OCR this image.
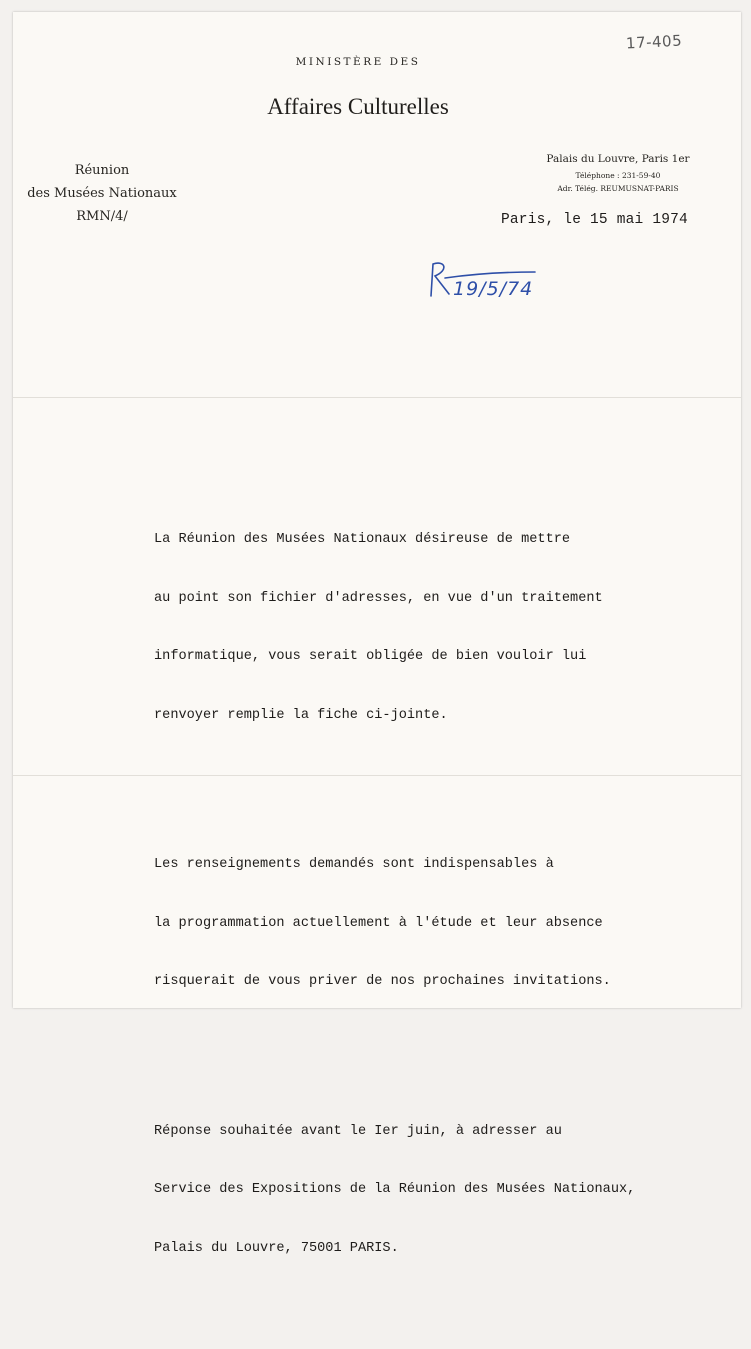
17-405
MINISTÈRE DES
Affaires Culturelles
Réunion
des Musées Nationaux
RMN/4/
Palais du Louvre, Paris 1er
Téléphone : 231-59-40
Adr. Télég. REUMUSNAT-PARIS
Paris, le 15 mai 1974
19/5/74

La Réunion des Musées Nationaux désireuse de mettre

au point son fichier d'adresses, en vue d'un traitement

informatique, vous serait obligée de bien vouloir lui

renvoyer remplie la fiche ci-jointe.

Les renseignements demandés sont indispensables à

la programmation actuellement à l'étude et leur absence

risquerait de vous priver de nos prochaines invitations.

Réponse souhaitée avant le Ier juin, à adresser au

Service des Expositions de la Réunion des Musées Nationaux,

Palais du Louvre, 75001 PARIS.
